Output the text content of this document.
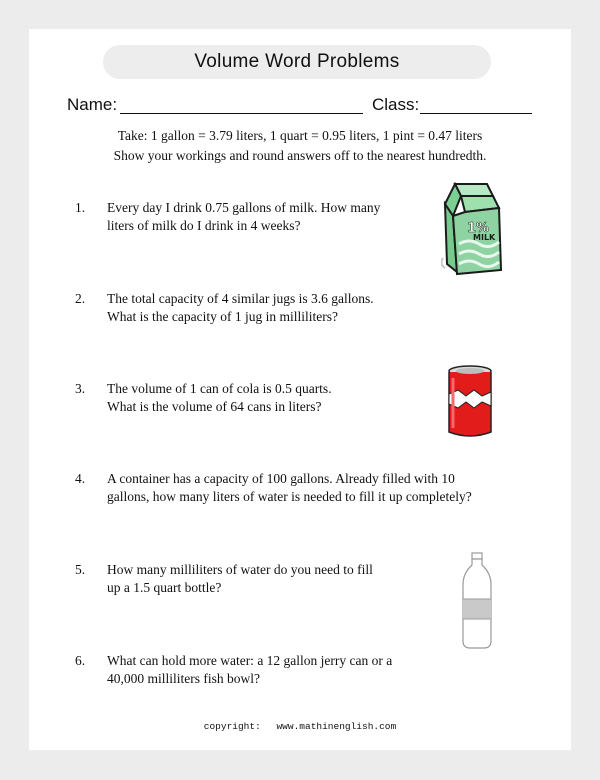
Volume Word Problems
Name:	Class:
Take: 1 gallon = 3.79 liters, 1 quart = 0.95 liters, 1 pint = 0.47 liters
Show your workings and round answers off to the nearest hundredth.
1. Every day I drink 0.75 gallons of milk. How many
liters of milk do I drink in 4 weeks?
2. The total capacity of 4 similar jugs is 3.6 gallons.
What is the capacity of 1 jug in milliliters?
3. The volume of 1 can of cola is 0.5 quarts.
What is the volume of 64 cans in liters?
4. A container has a capacity of 100 gallons. Already filled with 10
gallons, how many liters of water is needed to fill it up completely?
5. How many milliliters of water do you need to fill
up a 1.5 quart bottle?
6. What can hold more water: a 12 gallon jerry can or a
40,000 milliliters fish bowl?
1%
MILK
copyright: www.mathinenglish.com
